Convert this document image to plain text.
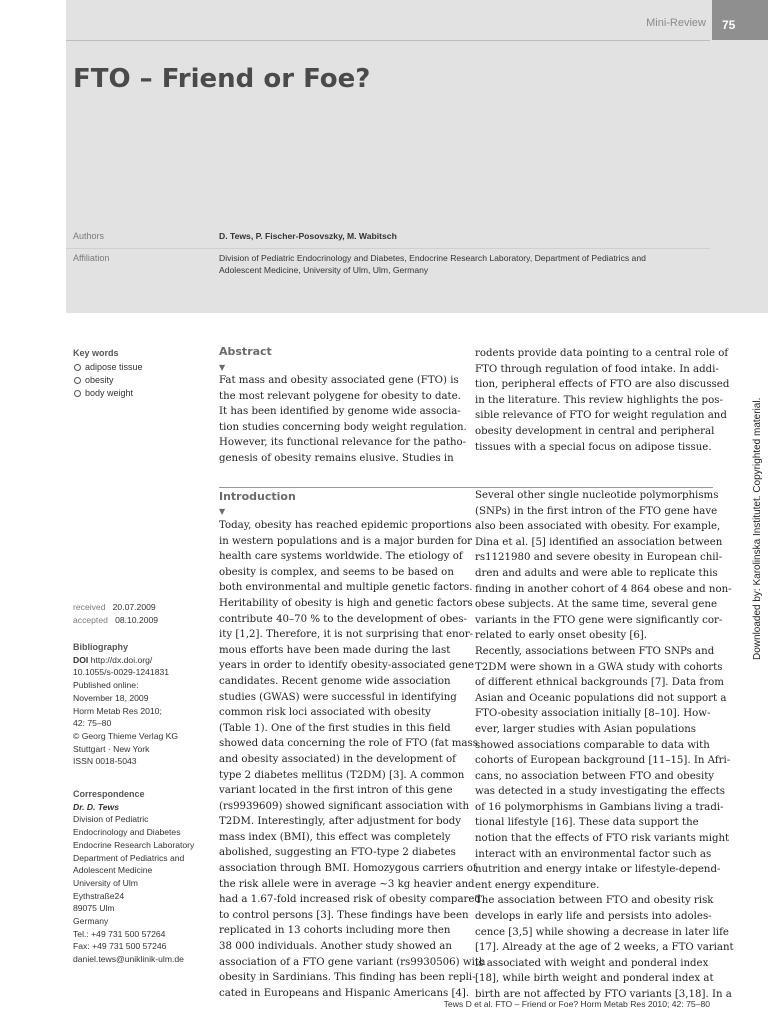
Mini-Review	75
FTO – Friend or Foe?
Authors	D. Tews, P. Fischer-Posovszky, M. Wabitsch
Affiliation	Division of Pediatric Endocrinology and Diabetes, Endocrine Research Laboratory, Department of Pediatrics and

Adolescent Medicine, University of Ulm, Ulm, Germany

Key words
adipose tissue
obesity
body weight

received 20.07.2009

accepted 08.10.2009

Bibliography

DOI http://dx.doi.org/

10.1055/s-0029-1241831

Published online:

November 18, 2009

Horm Metab Res 2010;

42: 75–80

© Georg Thieme Verlag KG

Stuttgart · New York

ISSN 0018-5043

Correspondence

Dr. D. Tews

Division of Pediatric

Endocrinology and Diabetes

Endocrine Research Laboratory

Department of Pediatrics and

Adolescent Medicine

University of Ulm

Eythstraße24

89075 Ulm

Germany

Tel.: +49 731 500 57264

Fax: +49 731 500 57246

daniel.tews@uniklinik-ulm.de

Abstract
▼

Fat mass and obesity associated gene (FTO) is

the most relevant polygene for obesity to date.

It has been identified by genome wide associa-

tion studies concerning body weight regulation.

However, its functional relevance for the patho-

genesis of obesity remains elusive. Studies in

rodents provide data pointing to a central role of

FTO through regulation of food intake. In addi-

tion, peripheral effects of FTO are also discussed

in the literature. This review highlights the pos-

sible relevance of FTO for weight regulation and

obesity development in central and peripheral

tissues with a special focus on adipose tissue.

Introduction
▼

Today, obesity has reached epidemic proportions

in western populations and is a major burden for

health care systems worldwide. The etiology of

obesity is complex, and seems to be based on

both environmental and multiple genetic factors.

Heritability of obesity is high and genetic factors

contribute 40–70 % to the development of obes-

ity [1,2]. Therefore, it is not surprising that enor-

mous efforts have been made during the last

years in order to identify obesity-associated gene

candidates. Recent genome wide association

studies (GWAS) were successful in identifying

common risk loci associated with obesity

(Table 1). One of the first studies in this field

showed data concerning the role of FTO (fat mass

and obesity associated) in the development of

type 2 diabetes mellitus (T2DM) [3]. A common

variant located in the first intron of this gene

(rs9939609) showed significant association with

T2DM. Interestingly, after adjustment for body

mass index (BMI), this effect was completely

abolished, suggesting an FTO-type 2 diabetes

association through BMI. Homozygous carriers of

the risk allele were in average ~3 kg heavier and

had a 1.67-fold increased risk of obesity compared

to control persons [3]. These findings have been

replicated in 13 cohorts including more then

38 000 individuals. Another study showed an

association of a FTO gene variant (rs9930506) with

obesity in Sardinians. This finding has been repli-

cated in Europeans and Hispanic Americans [4].

Several other single nucleotide polymorphisms

(SNPs) in the first intron of the FTO gene have

also been associated with obesity. For example,

Dina et al. [5] identified an association between

rs1121980 and severe obesity in European chil-

dren and adults and were able to replicate this

finding in another cohort of 4 864 obese and non-

obese subjects. At the same time, several gene

variants in the FTO gene were significantly cor-

related to early onset obesity [6].

Recently, associations between FTO SNPs and

T2DM were shown in a GWA study with cohorts

of different ethnical backgrounds [7]. Data from

Asian and Oceanic populations did not support a

FTO-obesity association initially [8–10]. How-

ever, larger studies with Asian populations

showed associations comparable to data with

cohorts of European background [11–15]. In Afri-

cans, no association between FTO and obesity

was detected in a study investigating the effects

of 16 polymorphisms in Gambians living a tradi-

tional lifestyle [16]. These data support the

notion that the effects of FTO risk variants might

interact with an environmental factor such as

nutrition and energy intake or lifestyle-depend-

ent energy expenditure.

The association between FTO and obesity risk

develops in early life and persists into adoles-

cence [3,5] while showing a decrease in later life

[17]. Already at the age of 2 weeks, a FTO variant

is associated with weight and ponderal index

[18], while birth weight and ponderal index at

birth are not affected by FTO variants [3,18]. In a

Downloaded by: Karolinska Institutet. Copyrighted material.
Tews D et al. FTO – Friend or Foe? Horm Metab Res 2010; 42: 75–80
